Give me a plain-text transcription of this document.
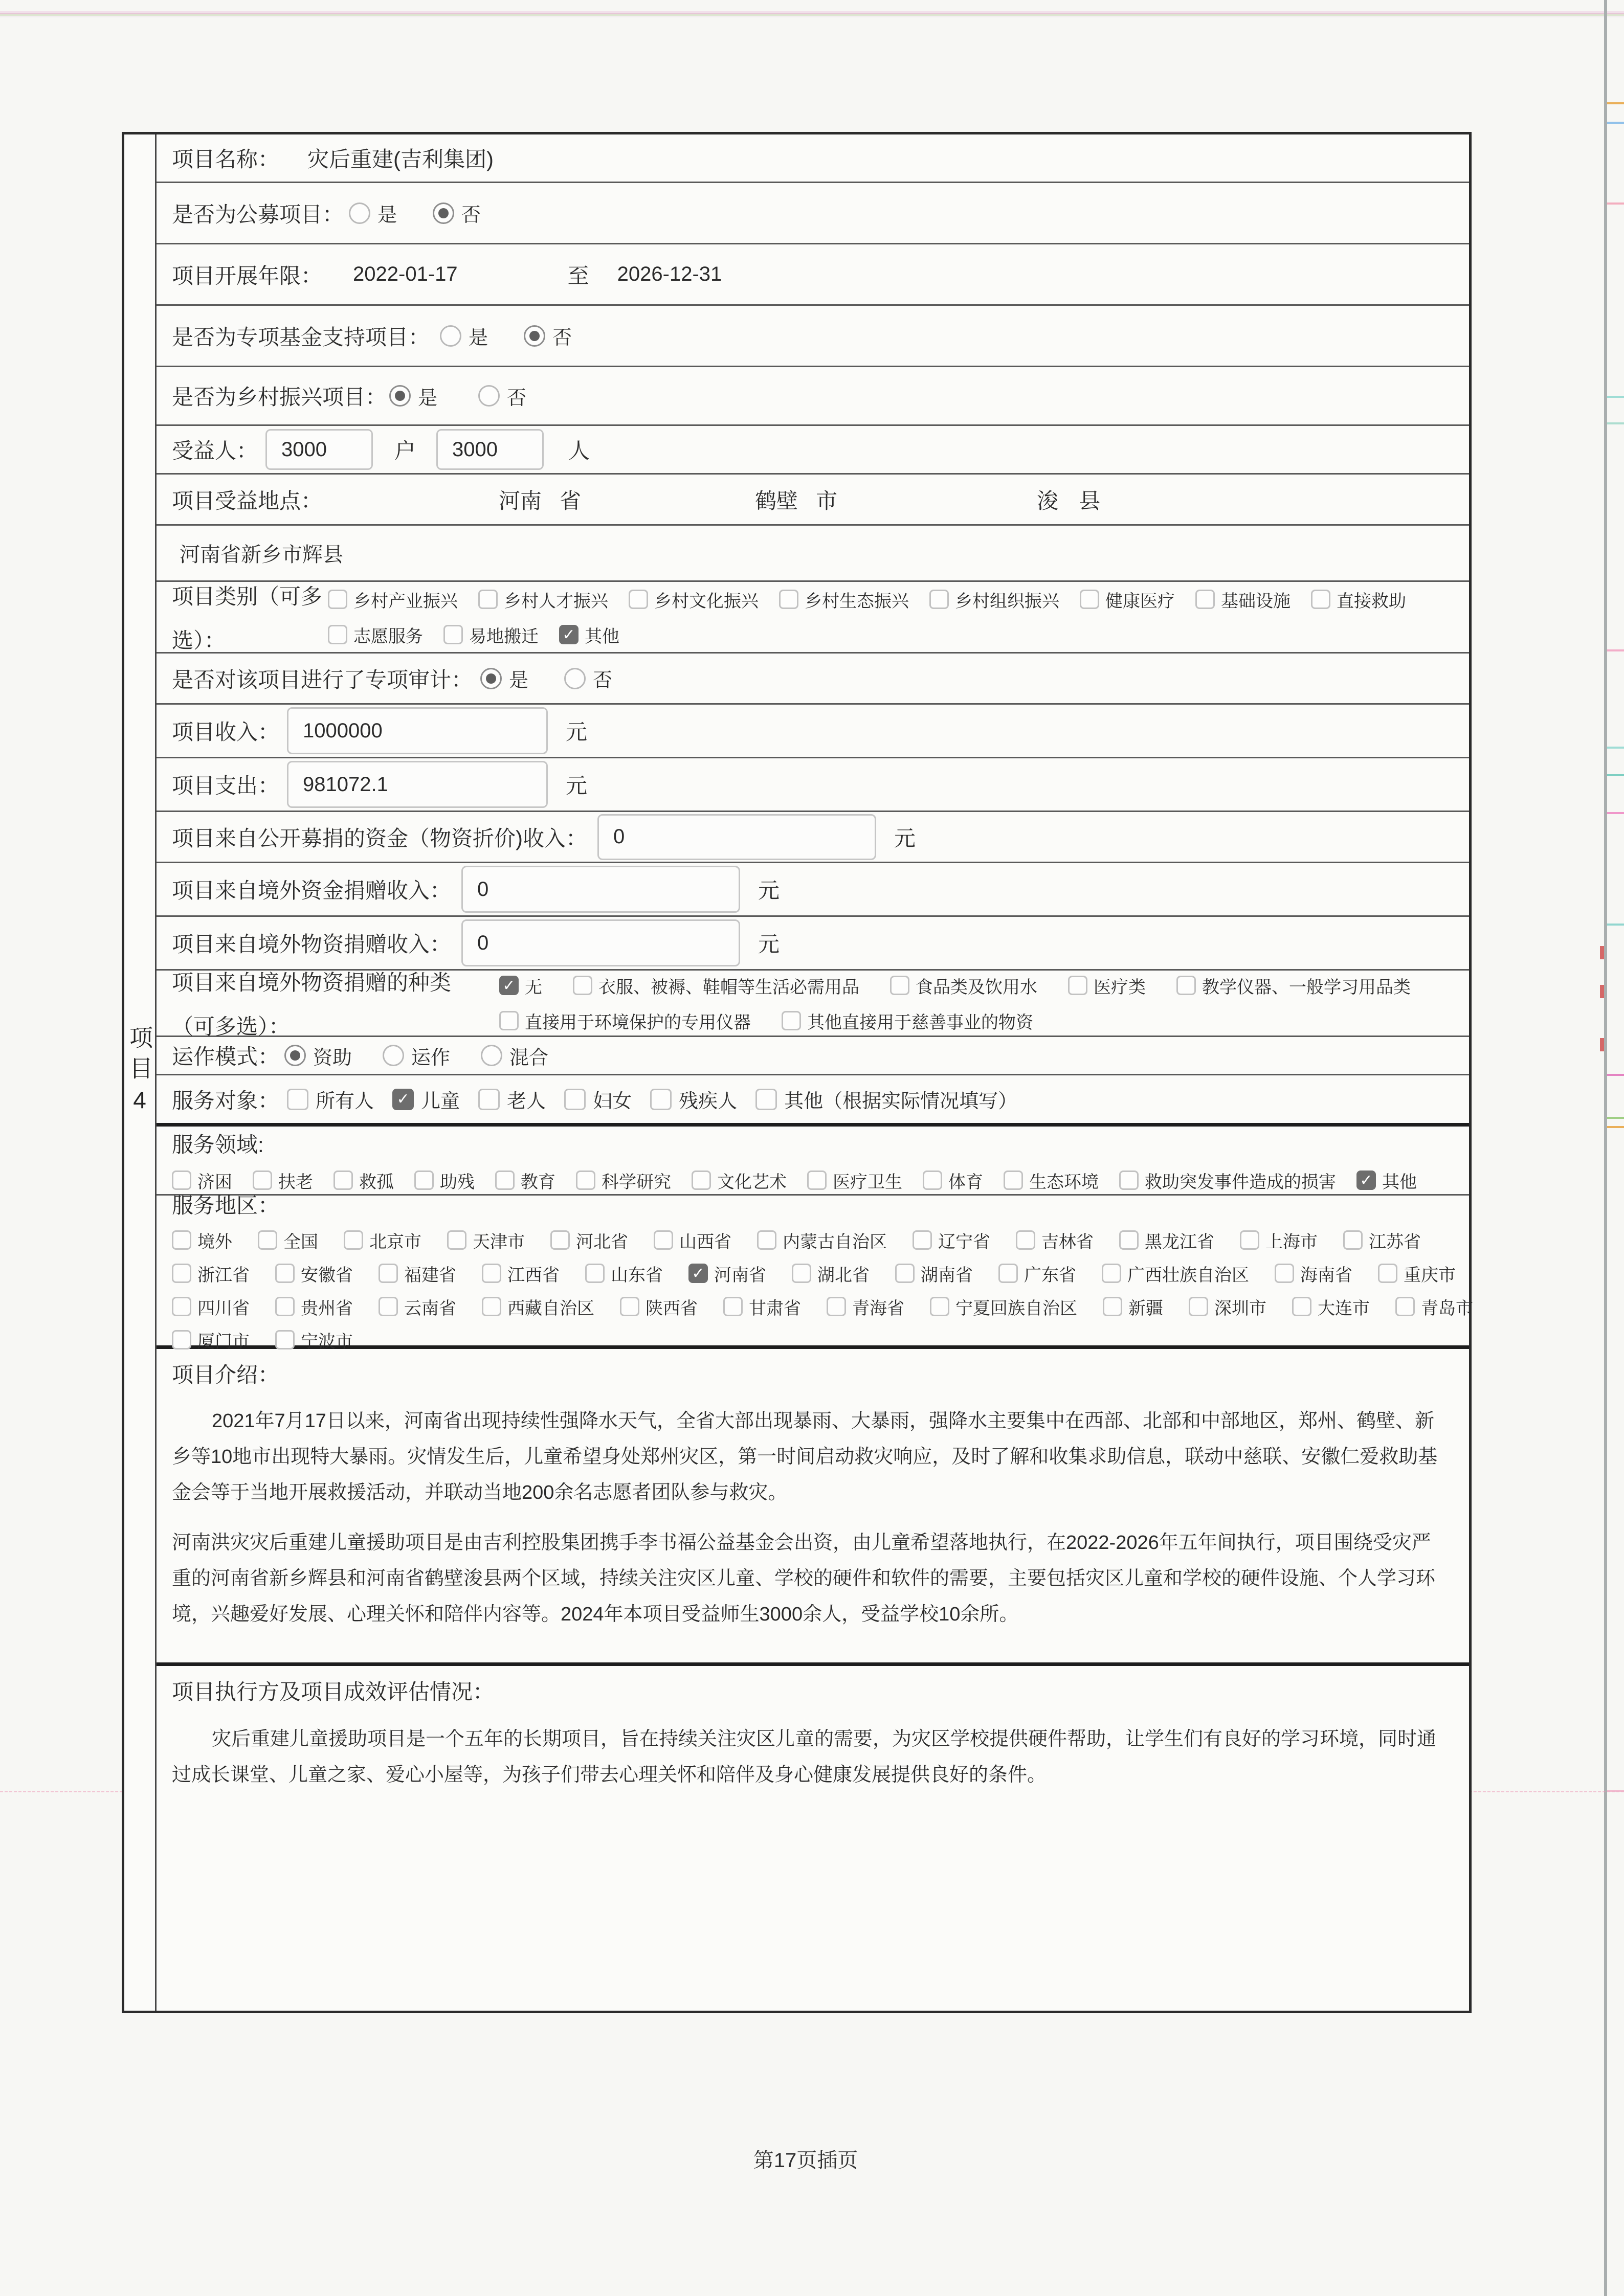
项目4
项目名称： 灾后重建(吉利集团)
是否为公募项目： 是	否
项目开展年限： 2022-01-17	至 2026-12-31
是否为专项基金支持项目： 是	否
是否为乡村振兴项目： 是	否
受益人：	3000	户	3000	人
项目受益地点：	河南 省	鹤壁 市	浚 县
河南省新乡市辉县
项目类别（可多
选）：
乡村产业振兴	乡村人才振兴	乡村文化振兴	乡村生态振兴	乡村组织振兴	健康医疗	基础设施	直接救助
志愿服务	易地搬迁 ✓ 其他
是否对该项目进行了专项审计： 是	否
项目收入：	1000000	元
项目支出：	981072.1	元
项目来自公开募捐的资金（物资折价)收入：	0	元
项目来自境外资金捐赠收入：	0	元
项目来自境外物资捐赠收入：	0	元
项目来自境外物资捐赠的种类
（可多选）：
✓ 无	衣服、被褥、鞋帽等生活必需用品	食品类及饮用水	医疗类	教学仪器、一般学习用品类
直接用于环境保护的专用仪器	其他直接用于慈善事业的物资
运作模式： 资助	运作	混合
服务对象： 所有人 ✓ 儿童 老人 妇女 残疾人 其他（根据实际情况填写）
服务领域:
济困	扶老	救孤	助残	教育	科学研究	文化艺术	医疗卫生	体育	生态环境	救助突发事件造成的损害 ✓ 其他
服务地区：
境外	全国	北京市	天津市	河北省	山西省	内蒙古自治区	辽宁省	吉林省	黑龙江省	上海市	江苏省
浙江省	安徽省	福建省	江西省	山东省 ✓ 河南省	湖北省	湖南省	广东省	广西壮族自治区	海南省	重庆市
四川省	贵州省	云南省	西藏自治区	陕西省	甘肃省	青海省	宁夏回族自治区	新疆	深圳市	大连市	青岛市
厦门市	宁波市
项目介绍：

2021年7月17日以来，河南省出现持续性强降水天气，全省大部出现暴雨、大暴雨，强降水主要集中在西部、北部和中部地区，郑州、鹤壁、新乡等10地市出现特大暴雨。灾情发生后，儿童希望身处郑州灾区，第一时间启动救灾响应，及时了解和收集求助信息，联动中慈联、安徽仁爱救助基金会等于当地开展救援活动，并联动当地200余名志愿者团队参与救灾。

河南洪灾灾后重建儿童援助项目是由吉利控股集团携手李书福公益基金会出资，由儿童希望落地执行，在2022-2026年五年间执行，项目围绕受灾严重的河南省新乡辉县和河南省鹤壁浚县两个区域，持续关注灾区儿童、学校的硬件和软件的需要，主要包括灾区儿童和学校的硬件设施、个人学习环境，兴趣爱好发展、心理关怀和陪伴内容等。2024年本项目受益师生3000余人，受益学校10余所。

项目执行方及项目成效评估情况：

灾后重建儿童援助项目是一个五年的长期项目，旨在持续关注灾区儿童的需要，为灾区学校提供硬件帮助，让学生们有良好的学习环境，同时通过成长课堂、儿童之家、爱心小屋等，为孩子们带去心理关怀和陪伴及身心健康发展提供良好的条件。

第17页插页
